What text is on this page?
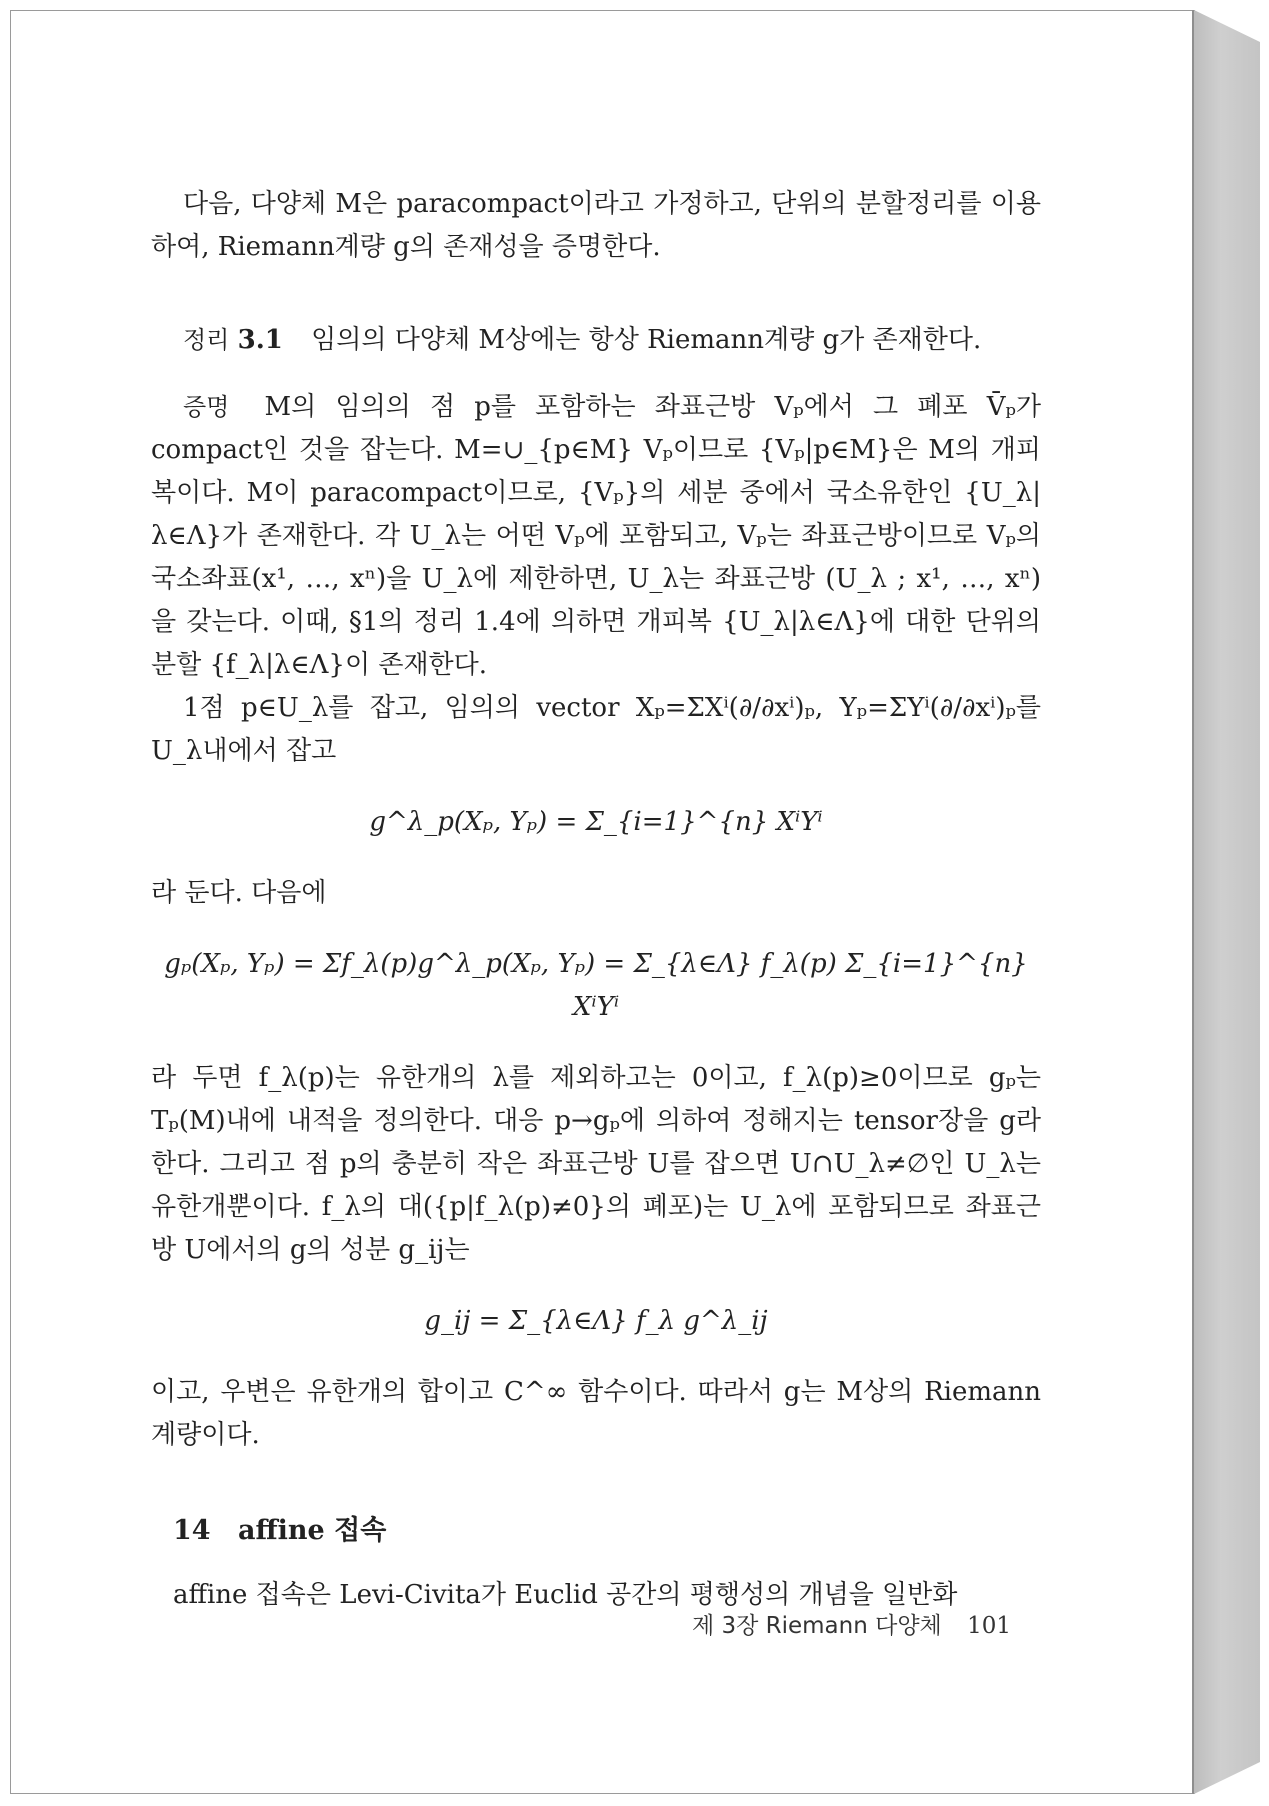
다음, 다양체 M은 paracompact이라고 가정하고, 단위의 분할정리를 이용하여, Riemann계량 g의 존재성을 증명한다.

정리 3.1 임의의 다양체 M상에는 항상 Riemann계량 g가 존재한다.

증명 M의 임의의 점 p를 포함하는 좌표근방 Vₚ에서 그 폐포 V̄ₚ가 compact인 것을 잡는다. M=∪_{p∈M} Vₚ이므로 {Vₚ|p∈M}은 M의 개피복이다. M이 paracompact이므로, {Vₚ}의 세분 중에서 국소유한인 {U_λ|λ∈Λ}가 존재한다. 각 U_λ는 어떤 Vₚ에 포함되고, Vₚ는 좌표근방이므로 Vₚ의 국소좌표(x¹, …, xⁿ)을 U_λ에 제한하면, U_λ는 좌표근방 (U_λ ; x¹, …, xⁿ)을 갖는다. 이때, §1의 정리 1.4에 의하면 개피복 {U_λ|λ∈Λ}에 대한 단위의 분할 {f_λ|λ∈Λ}이 존재한다.

1점 p∈U_λ를 잡고, 임의의 vector Xₚ=ΣXⁱ(∂/∂xⁱ)ₚ, Yₚ=ΣYⁱ(∂/∂xⁱ)ₚ를 U_λ내에서 잡고

g^λ_p(Xₚ, Yₚ) = Σ_{i=1}^{n} XⁱYⁱ

라 둔다. 다음에

gₚ(Xₚ, Yₚ) = Σf_λ(p)g^λ_p(Xₚ, Yₚ) = Σ_{λ∈Λ} f_λ(p) Σ_{i=1}^{n} XⁱYⁱ

라 두면 f_λ(p)는 유한개의 λ를 제외하고는 0이고, f_λ(p)≥0이므로 gₚ는 Tₚ(M)내에 내적을 정의한다. 대응 p→gₚ에 의하여 정해지는 tensor장을 g라 한다. 그리고 점 p의 충분히 작은 좌표근방 U를 잡으면 U∩U_λ≠∅인 U_λ는 유한개뿐이다. f_λ의 대({p|f_λ(p)≠0}의 폐포)는 U_λ에 포함되므로 좌표근방 U에서의 g의 성분 g_ij는

g_ij = Σ_{λ∈Λ} f_λ g^λ_ij

이고, 우변은 유한개의 합이고 C^∞ 함수이다. 따라서 g는 M상의 Riemann계량이다.

14 affine 접속

affine 접속은 Levi-Civita가 Euclid 공간의 평행성의 개념을 일반화

제 3장 Riemann 다양체 101
